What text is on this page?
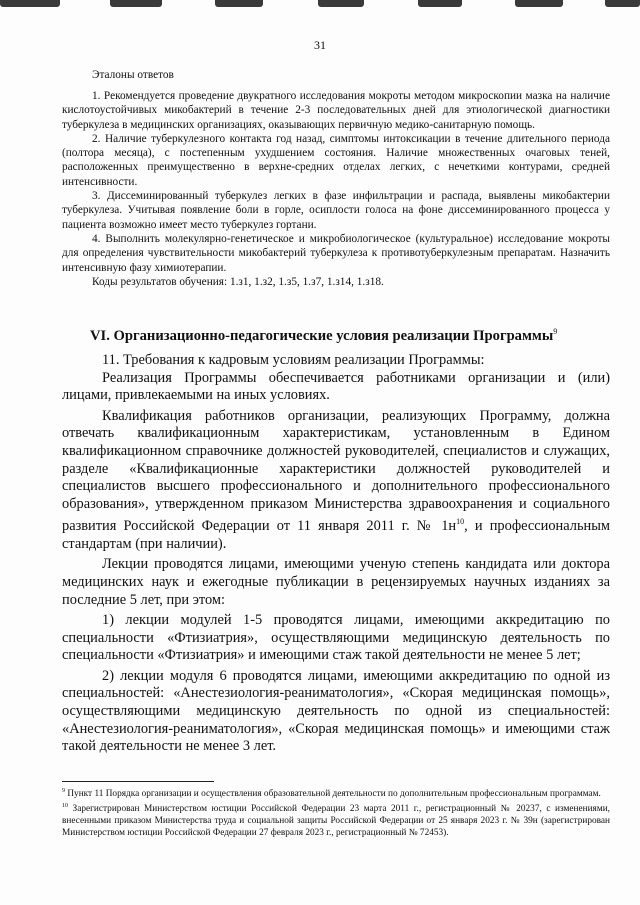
31

Эталоны ответов

1. Рекомендуется проведение двукратного исследования мокроты методом микроскопии мазка на наличие кислотоустойчивых микобактерий в течение 2-3 последовательных дней для этиологической диагностики туберкулеза в медицинских организациях, оказывающих первичную медико-санитарную помощь.

2. Наличие туберкулезного контакта год назад, симптомы интоксикации в течение длительного периода (полтора месяца), с постепенным ухудшением состояния. Наличие множественных очаговых теней, расположенных преимущественно в верхне-средних отделах легких, с нечеткими контурами, средней интенсивности.

3. Диссеминированный туберкулез легких в фазе инфильтрации и распада, выявлены микобактерии туберкулеза. Учитывая появление боли в горле, осиплости голоса на фоне диссеминированного процесса у пациента возможно имеет место туберкулез гортани.

4. Выполнить молекулярно-генетическое и микробиологическое (культуральное) исследование мокроты для определения чувствительности микобактерий туберкулеза к противотуберкулезным препаратам. Назначить интенсивную фазу химиотерапии.

Коды результатов обучения: 1.з1, 1.з2, 1.з5, 1.з7, 1.з14, 1.з18.

VI. Организационно-педагогические условия реализации Программы$^9$

11. Требования к кадровым условиям реализации Программы:

Реализация Программы обеспечивается работниками организации и (или) лицами, привлекаемыми на иных условиях.

Квалификация работников организации, реализующих Программу, должна отвечать квалификационным характеристикам, установленным в Едином квалификационном справочнике должностей руководителей, специалистов и служащих, разделе «Квалификационные характеристики должностей руководителей и специалистов высшего профессионального и дополнительного профессионального образования», утвержденном приказом Министерства здравоохранения и социального развития Российской Федерации от 11 января 2011 г. № $1н^{10}$, и профессиональным стандартам (при наличии).

Лекции проводятся лицами, имеющими ученую степень кандидата или доктора медицинских наук и ежегодные публикации в рецензируемых научных изданиях за последние 5 лет, при этом:

1) лекции модулей 1-5 проводятся лицами, имеющими аккредитацию по специальности «Фтизиатрия», осуществляющими медицинскую деятельность по специальности «Фтизиатрия» и имеющими стаж такой деятельности не менее 5 лет;

2) лекции модуля 6 проводятся лицами, имеющими аккредитацию по одной из специальностей: «Анестезиология-реаниматология», «Скорая медицинская помощь», осуществляющими медицинскую деятельность по одной из специальностей: «Анестезиология-реаниматология», «Скорая медицинская помощь» и имеющими стаж такой деятельности не менее 3 лет.

$^9$ Пункт 11 Порядка организации и осуществления образовательной деятельности по дополнительным профессиональным программам.

$^{10}$ Зарегистрирован Министерством юстиции Российской Федерации 23 марта 2011 г., регистрационный № 20237, с изменениями, внесенными приказом Министерства труда и социальной защиты Российской Федерации от 25 января 2023 г. № 39н (зарегистрирован Министерством юстиции Российской Федерации 27 февраля 2023 г., регистрационный № 72453).
